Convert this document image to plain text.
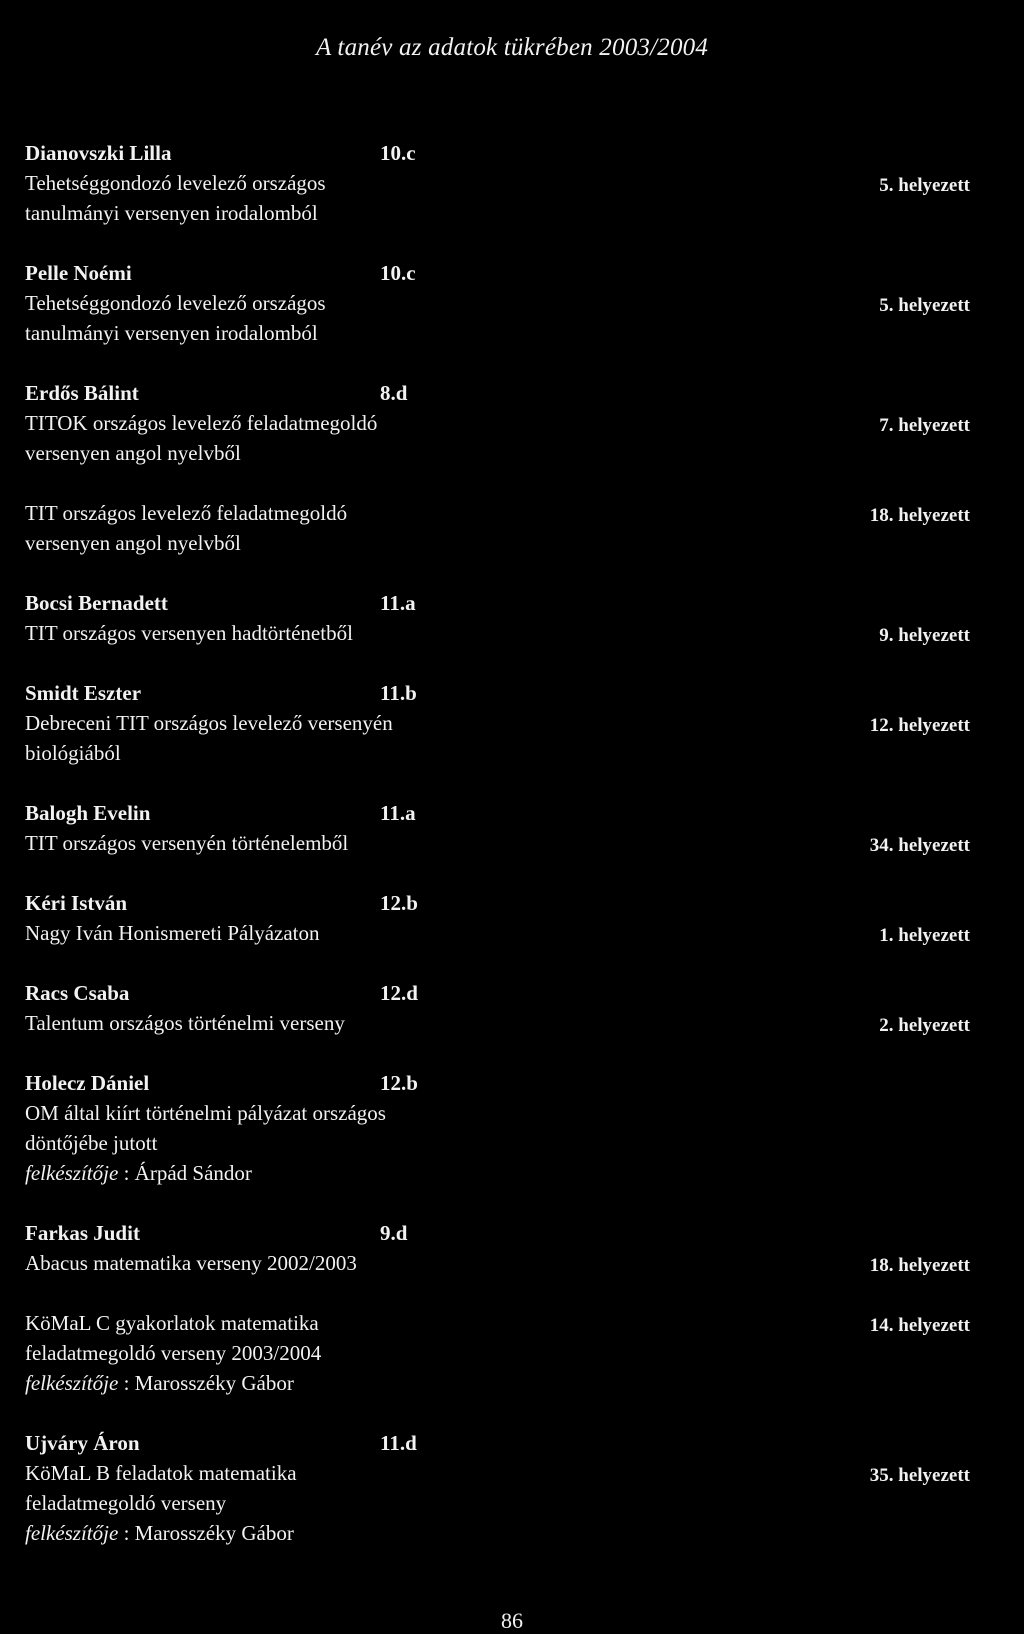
A tanév az adatok tükrében 2003/2004
Dianovszki Lilla	10.c
Tehetséggondozó levelező országos	5. helyezett
tanulmányi versenyen irodalomból
Pelle Noémi	10.c
Tehetséggondozó levelező országos	5. helyezett
tanulmányi versenyen irodalomból
Erdős Bálint	8.d
TITOK országos levelező feladatmegoldó	7. helyezett
versenyen angol nyelvből
TIT országos levelező feladatmegoldó	18. helyezett
versenyen angol nyelvből
Bocsi Bernadett	11.a
TIT országos versenyen hadtörténetből	9. helyezett
Smidt Eszter	11.b
Debreceni TIT országos levelező versenyén	12. helyezett
biológiából
Balogh Evelin	11.a
TIT országos versenyén történelemből	34. helyezett
Kéri István	12.b
Nagy Iván Honismereti Pályázaton	1. helyezett
Racs Csaba	12.d
Talentum országos történelmi verseny	2. helyezett
Holecz Dániel	12.b
OM által kiírt történelmi pályázat országos
döntőjébe jutott
felkészítője : Árpád Sándor
Farkas Judit	9.d
Abacus matematika verseny 2002/2003	18. helyezett
KöMaL C gyakorlatok matematika	14. helyezett
feladatmegoldó verseny 2003/2004
felkészítője : Marosszéky Gábor
Ujváry Áron	11.d
KöMaL B feladatok matematika	35. helyezett
feladatmegoldó verseny
felkészítője : Marosszéky Gábor
86
